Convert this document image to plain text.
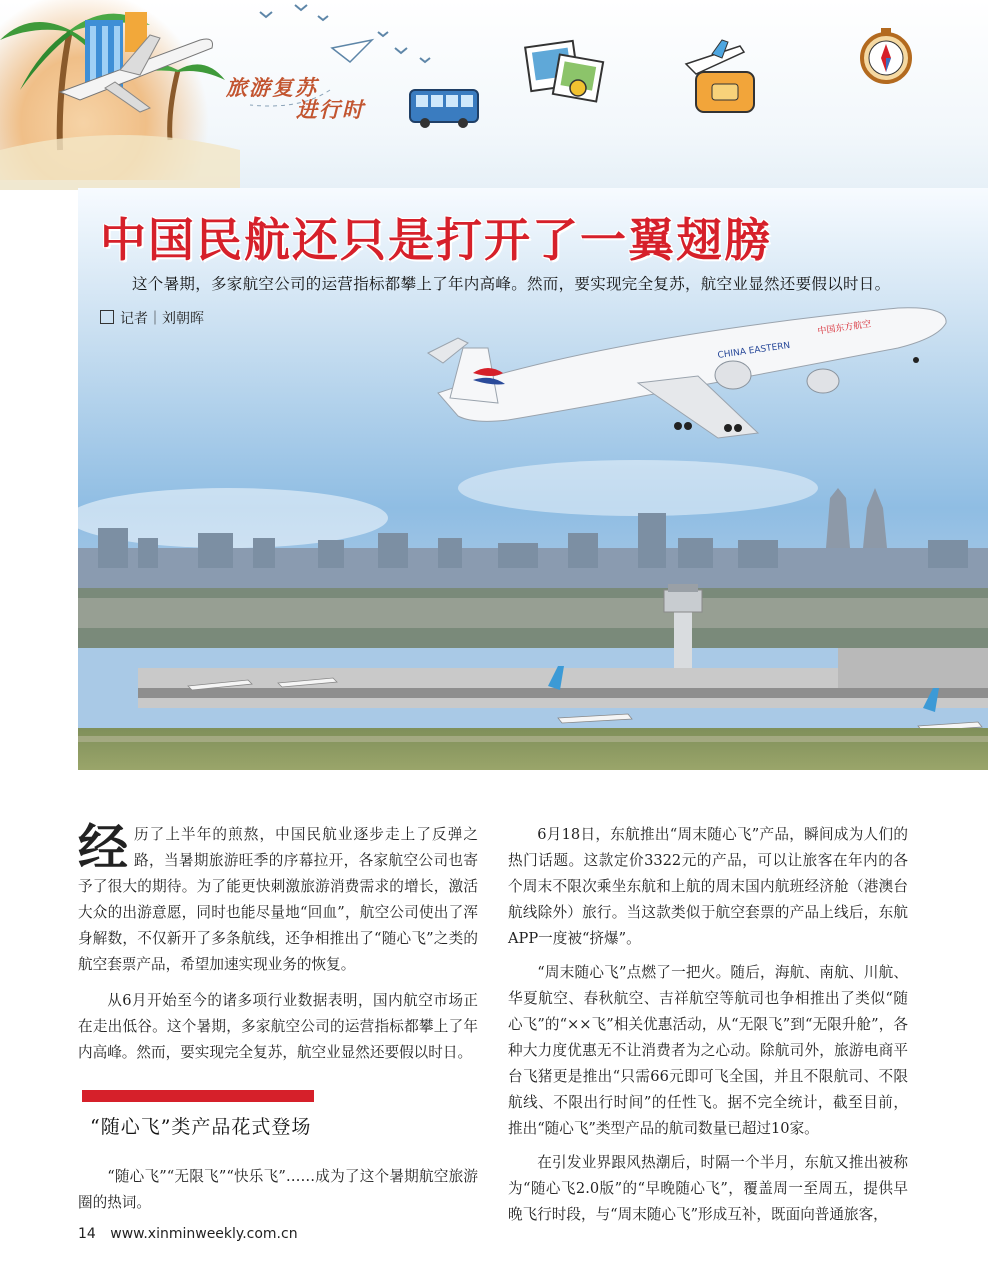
旅游复苏
进行时
CHINA EASTERN
中国东方航空
中国民航还只是打开了一翼翅膀
这个暑期，多家航空公司的运营指标都攀上了年内高峰。然而，要实现完全复苏，航空业显然还要假以时日。
记者｜刘朝晖

经历了上半年的煎熬，中国民航业逐步走上了反弹之路，当暑期旅游旺季的序幕拉开，各家航空公司也寄予了很大的期待。为了能更快刺激旅游消费需求的增长，激活大众的出游意愿，同时也能尽量地“回血”，航空公司使出了浑身解数，不仅新开了多条航线，还争相推出了“随心飞”之类的航空套票产品，希望加速实现业务的恢复。

从6月开始至今的诸多项行业数据表明，国内航空市场正在走出低谷。这个暑期，多家航空公司的运营指标都攀上了年内高峰。然而，要实现完全复苏，航空业显然还要假以时日。

“随心飞”类产品花式登场

“随心飞”“无限飞”“快乐飞”……成为了这个暑期航空旅游圈的热词。

6月18日，东航推出“周末随心飞”产品，瞬间成为人们的热门话题。这款定价3322元的产品，可以让旅客在年内的各个周末不限次乘坐东航和上航的周末国内航班经济舱（港澳台航线除外）旅行。当这款类似于航空套票的产品上线后，东航APP一度被“挤爆”。

“周末随心飞”点燃了一把火。随后，海航、南航、川航、华夏航空、春秋航空、吉祥航空等航司也争相推出了类似“随心飞”的“××飞”相关优惠活动，从“无限飞”到“无限升舱”，各种大力度优惠无不让消费者为之心动。除航司外，旅游电商平台飞猪更是推出“只需66元即可飞全国，并且不限航司、不限航线、不限出行时间”的任性飞。据不完全统计，截至目前，推出“随心飞”类型产品的航司数量已超过10家。

在引发业界跟风热潮后，时隔一个半月，东航又推出被称为“随心飞2.0版”的“早晚随心飞”，覆盖周一至周五，提供早晚飞行时段，与“周末随心飞”形成互补，既面向普通旅客，

14 www.xinminweekly.com.cn
